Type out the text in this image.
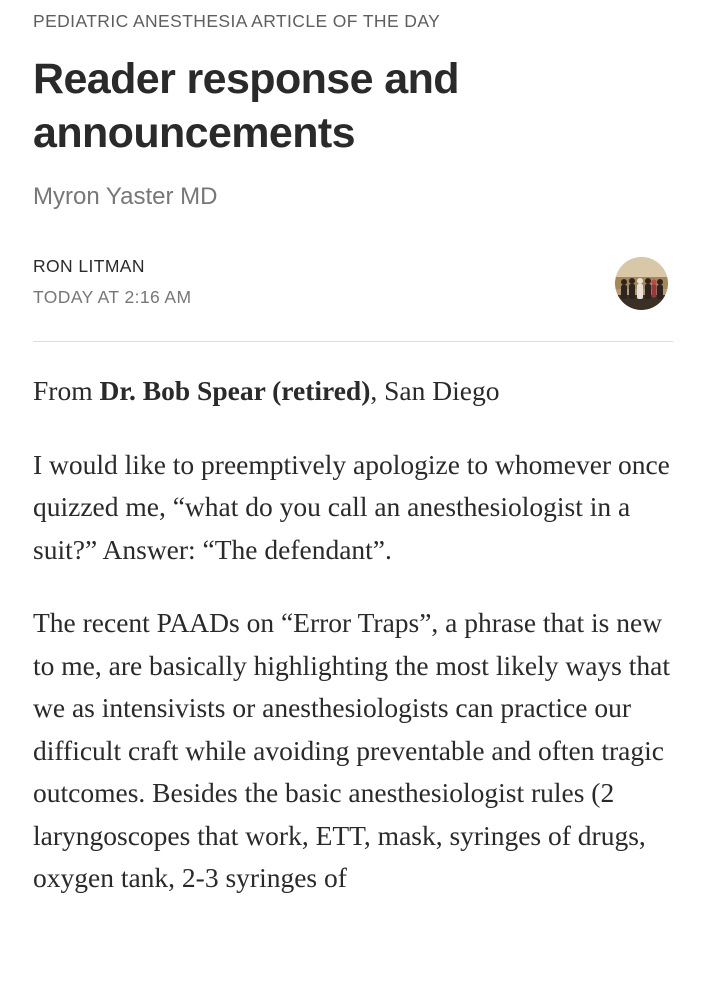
PEDIATRIC ANESTHESIA ARTICLE OF THE DAY
Reader response and announcements
Myron Yaster MD
RON LITMAN
TODAY AT 2:16 AM

From Dr. Bob Spear (retired), San Diego

I would like to preemptively apologize to whomever once quizzed me, “what do you call an anesthesiologist in a suit?” Answer: “The defendant”.

The recent PAADs on “Error Traps”, a phrase that is new to me, are basically highlighting the most likely ways that we as intensivists or anesthesiologists can practice our difficult craft while avoiding preventable and often tragic outcomes. Besides the basic anesthesiologist rules (2 laryngoscopes that work, ETT, mask, syringes of drugs, oxygen tank, 2-3 syringes of
